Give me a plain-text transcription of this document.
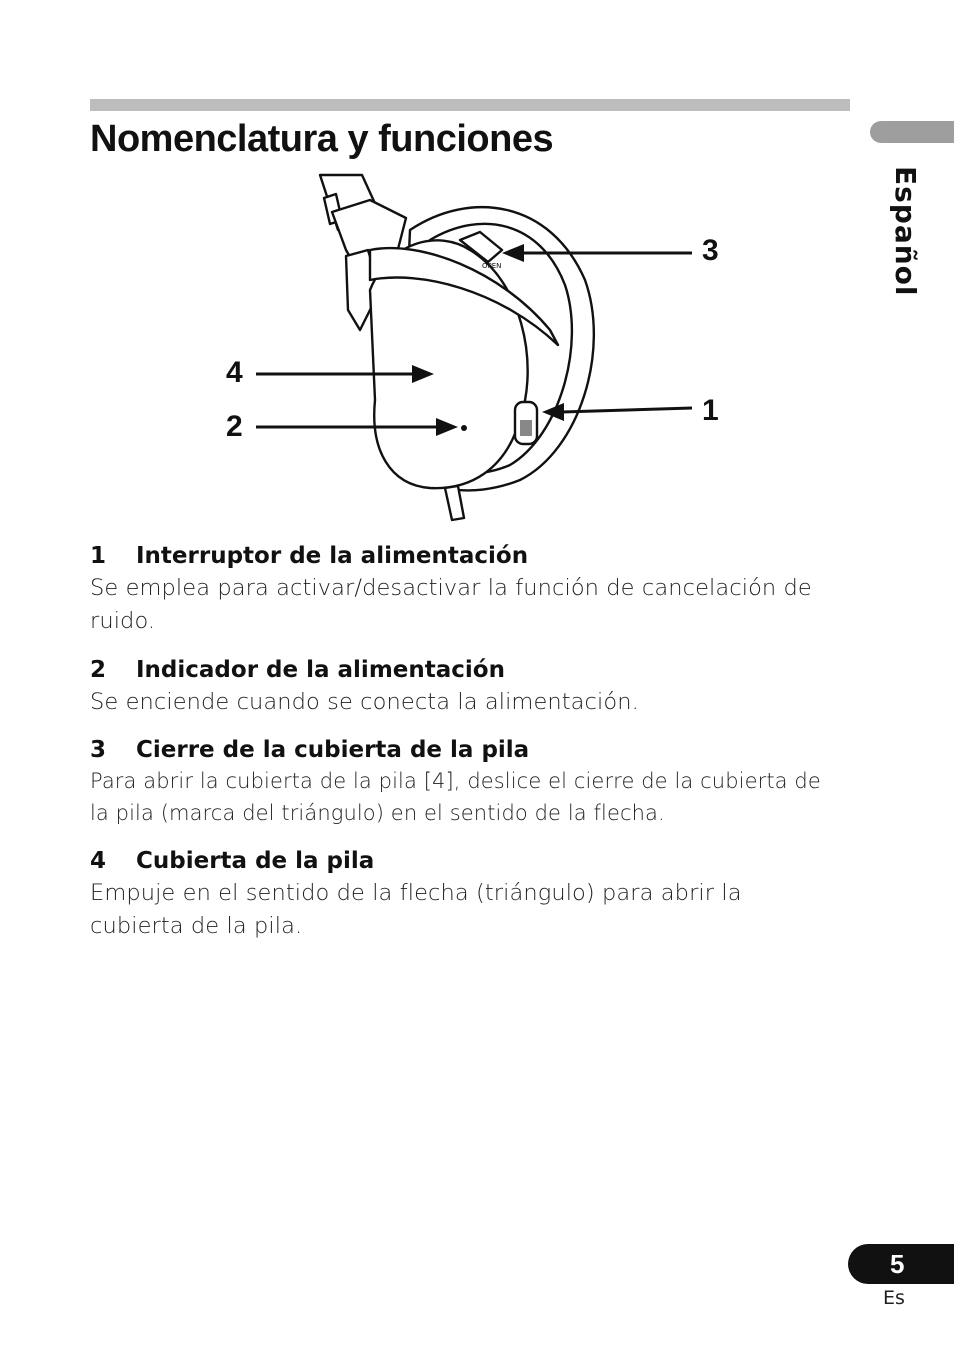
Español
Nomenclatura y funciones
OPEN	3
4
2	1
1 Interruptor de la alimentación
Se emplea para activar/desactivar la función de cancelación de
ruido.
2 Indicador de la alimentación
Se enciende cuando se conecta la alimentación.
3 Cierre de la cubierta de la pila
Para abrir la cubierta de la pila [4], deslice el cierre de la cubierta de
la pila (marca del triángulo) en el sentido de la flecha.
4 Cubierta de la pila
Empuje en el sentido de la flecha (triángulo) para abrir la
cubierta de la pila.
5
Es
